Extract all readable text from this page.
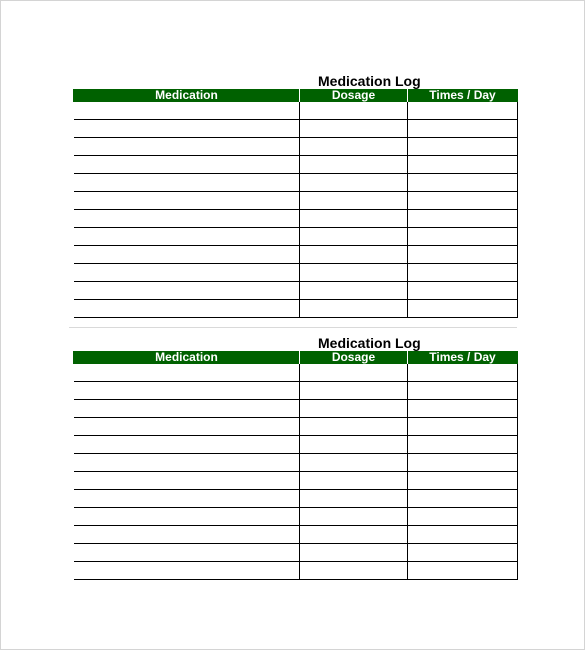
Medication Log
Medication	Dosage	Times / Day

Medication Log
Medication	Dosage	Times / Day
